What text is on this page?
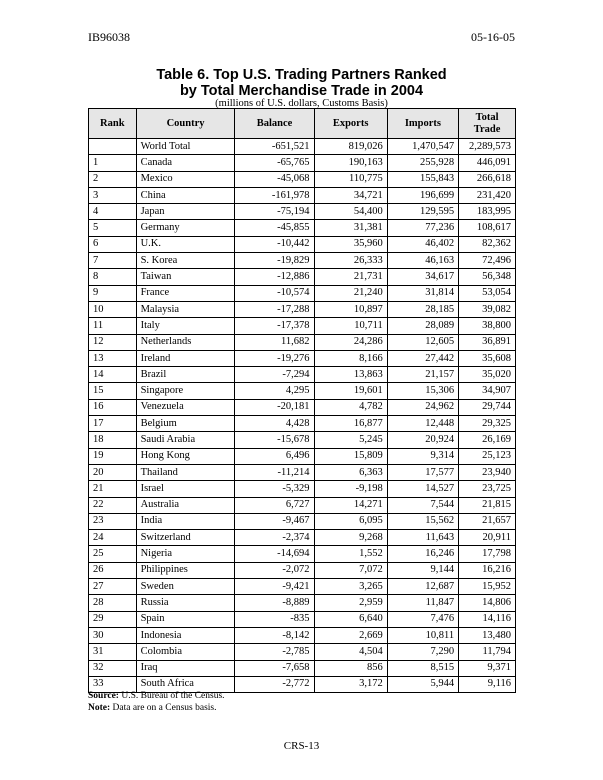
IB96038	05-16-05
Table 6. Top U.S. Trading Partners Ranked
by Total Merchandise Trade in 2004
(millions of U.S. dollars, Customs Basis)
Rank	Country	Balance	Exports	Imports	Total Trade
	World Total	-651,521	819,026	1,470,547	2,289,573
1	Canada	-65,765	190,163	255,928	446,091
2	Mexico	-45,068	110,775	155,843	266,618
3	China	-161,978	34,721	196,699	231,420
4	Japan	-75,194	54,400	129,595	183,995
5	Germany	-45,855	31,381	77,236	108,617
6	U.K.	-10,442	35,960	46,402	82,362
7	S. Korea	-19,829	26,333	46,163	72,496
8	Taiwan	-12,886	21,731	34,617	56,348
9	France	-10,574	21,240	31,814	53,054
10	Malaysia	-17,288	10,897	28,185	39,082
11	Italy	-17,378	10,711	28,089	38,800
12	Netherlands	11,682	24,286	12,605	36,891
13	Ireland	-19,276	8,166	27,442	35,608
14	Brazil	-7,294	13,863	21,157	35,020
15	Singapore	4,295	19,601	15,306	34,907
16	Venezuela	-20,181	4,782	24,962	29,744
17	Belgium	4,428	16,877	12,448	29,325
18	Saudi Arabia	-15,678	5,245	20,924	26,169
19	Hong Kong	6,496	15,809	9,314	25,123
20	Thailand	-11,214	6,363	17,577	23,940
21	Israel	-5,329	-9,198	14,527	23,725
22	Australia	6,727	14,271	7,544	21,815
23	India	-9,467	6,095	15,562	21,657
24	Switzerland	-2,374	9,268	11,643	20,911
25	Nigeria	-14,694	1,552	16,246	17,798
26	Philippines	-2,072	7,072	9,144	16,216
27	Sweden	-9,421	3,265	12,687	15,952
28	Russia	-8,889	2,959	11,847	14,806
29	Spain	-835	6,640	7,476	14,116
30	Indonesia	-8,142	2,669	10,811	13,480
31	Colombia	-2,785	4,504	7,290	11,794
32	Iraq	-7,658	856	8,515	9,371
33	South Africa	-2,772	3,172	5,944	9,116
Source: U.S. Bureau of the Census.
Note: Data are on a Census basis.
CRS-13
